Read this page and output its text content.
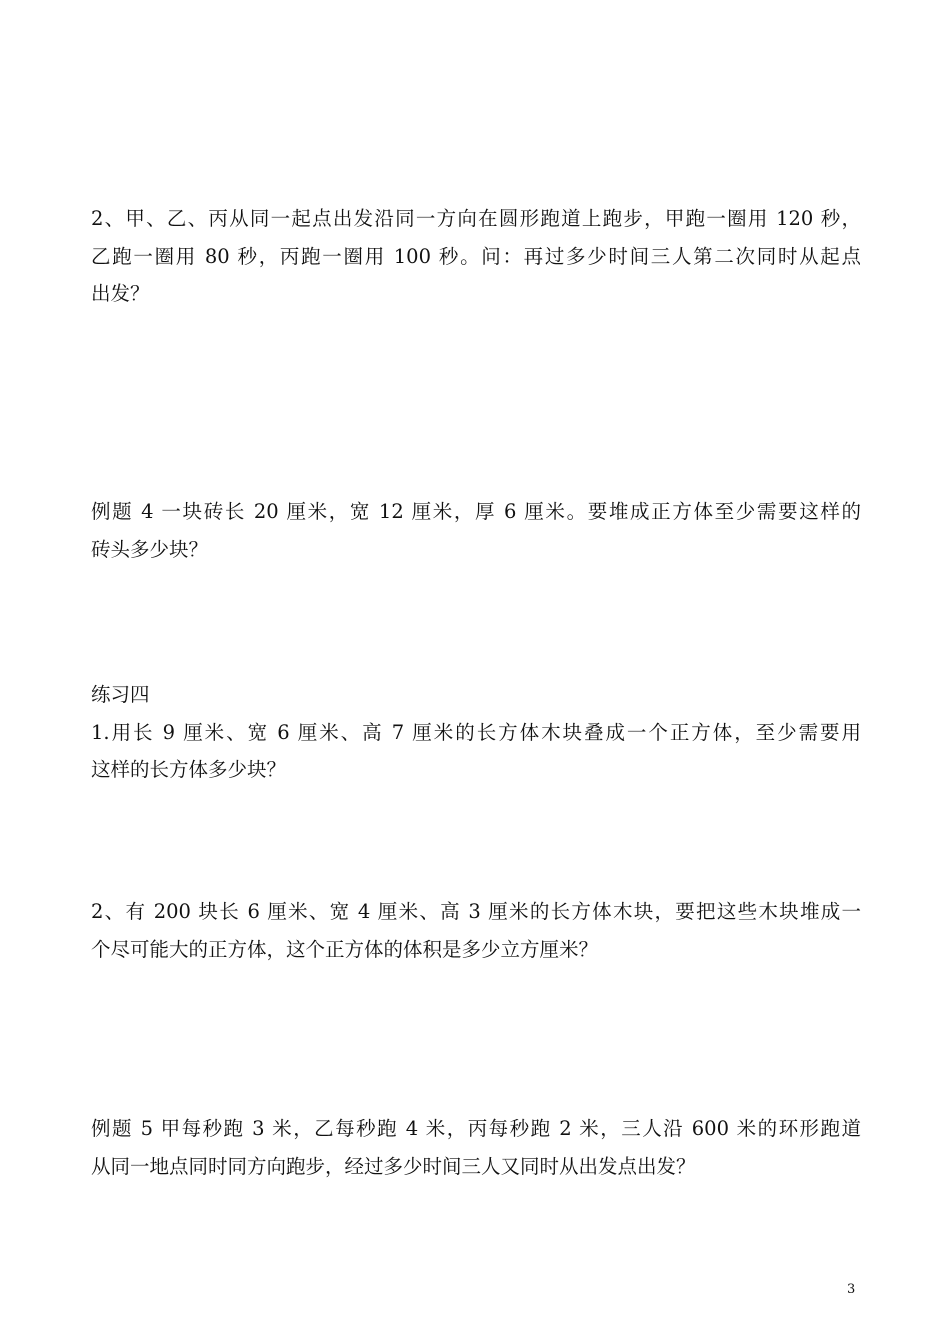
2、甲、乙、丙从同一起点出发沿同一方向在圆形跑道上跑步，甲跑一圈用 120 秒，
乙跑一圈用 80 秒，丙跑一圈用 100 秒。问：再过多少时间三人第二次同时从起点
出发？
例题 4 一块砖长 20 厘米，宽 12 厘米，厚 6 厘米。要堆成正方体至少需要这样的
砖头多少块？
练习四
1.用长 9 厘米、宽 6 厘米、高 7 厘米的长方体木块叠成一个正方体，至少需要用
这样的长方体多少块？
2、有 200 块长 6 厘米、宽 4 厘米、高 3 厘米的长方体木块，要把这些木块堆成一
个尽可能大的正方体，这个正方体的体积是多少立方厘米？
例题 5 甲每秒跑 3 米，乙每秒跑 4 米，丙每秒跑 2 米，三人沿 600 米的环形跑道
从同一地点同时同方向跑步，经过多少时间三人又同时从出发点出发？
3
